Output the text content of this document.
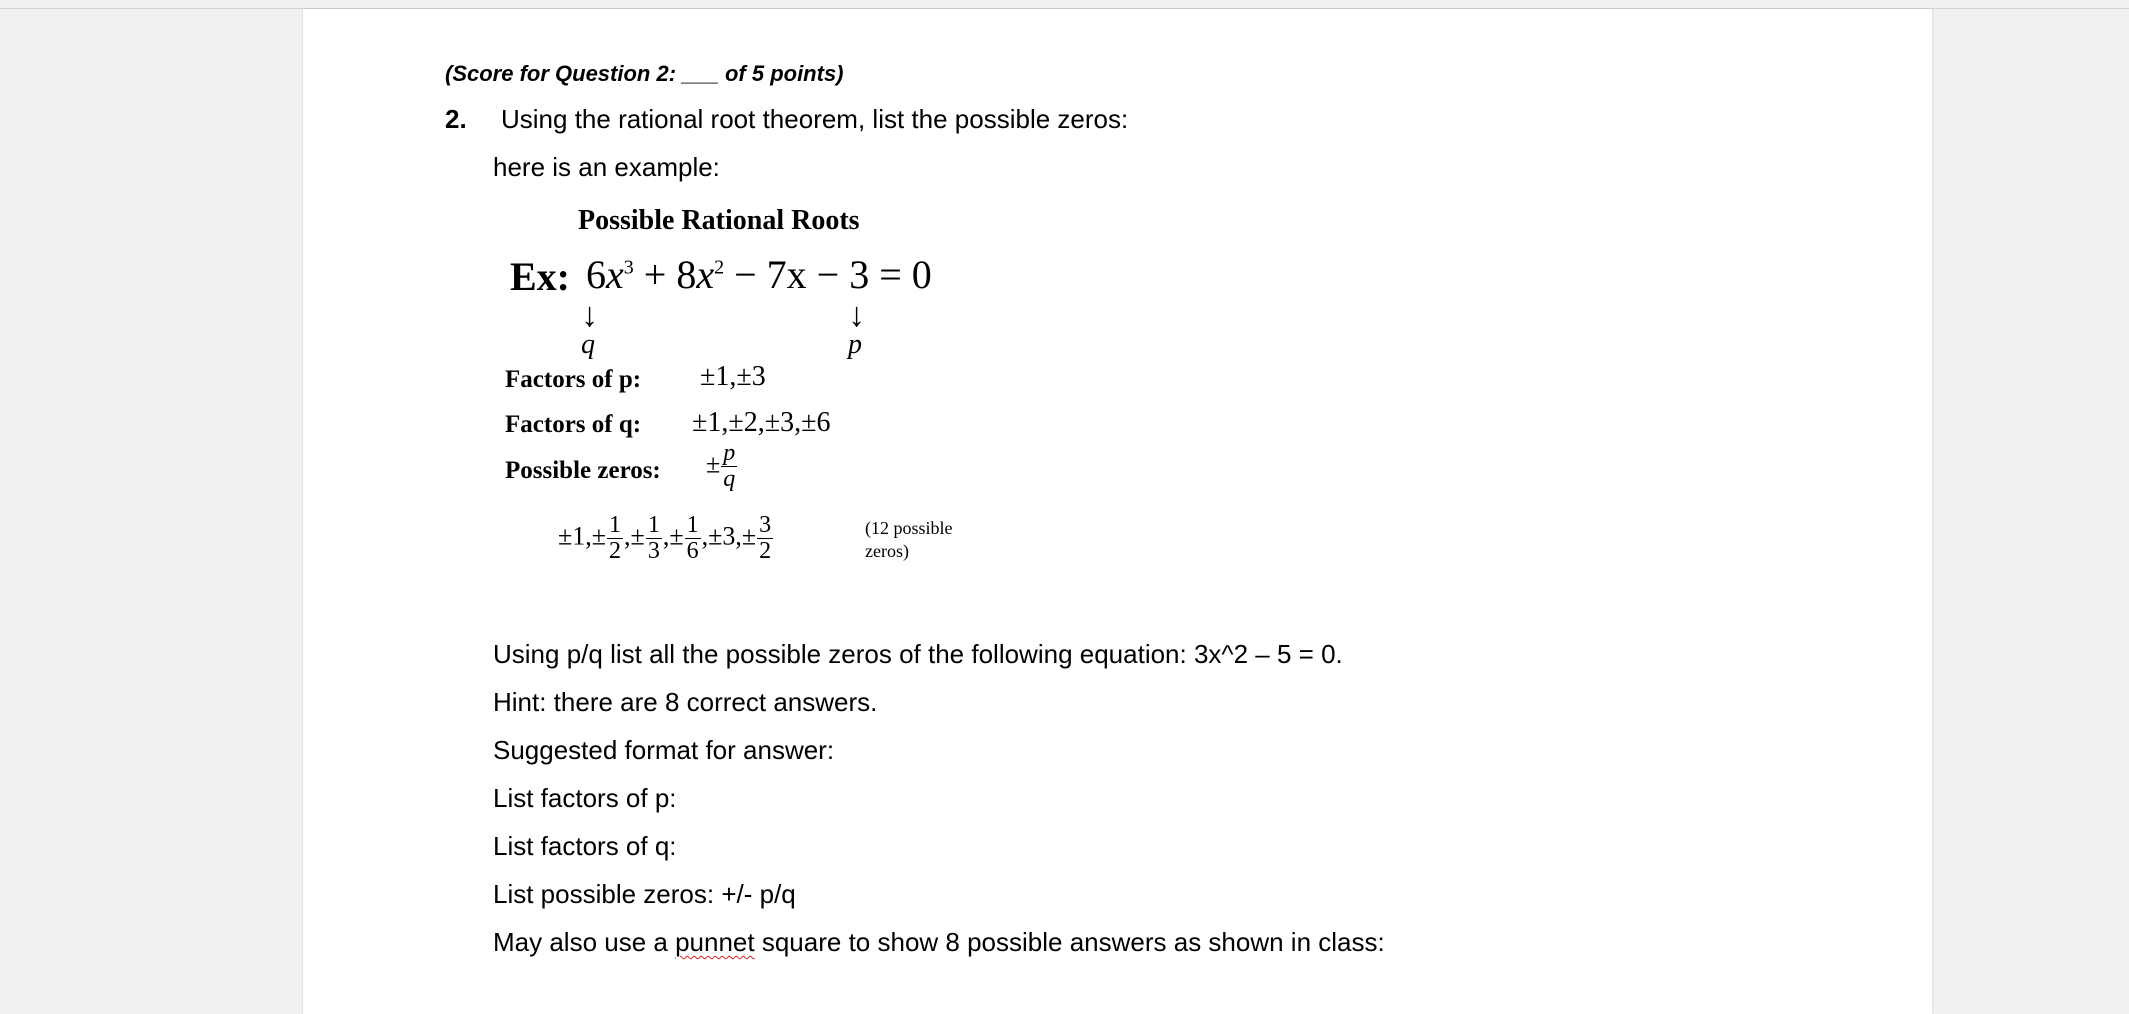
(Score for Question 2: ___ of 5 points)
2. Using the rational root theorem, list the possible zeros:
here is an example:
Possible Rational Roots
Ex: $6x^3 + 8x^2 - 7x - 3 = 0$
↓	↓
q	p
Factors of p: ±1,±3
Factors of q: ±1,±2,±3,±6
Possible zeros: ± $\frac{p}{q}$
$\pm 1,\pm \frac{1}{2}$ ,± $\frac{1}{3}$ ,± $\frac{1}{6} ,\pm 3,\pm \frac{3}{2}$	(12 possible zeros)
Using p/q list all the possible zeros of the following equation: 3x^2 – 5 = 0.
Hint: there are 8 correct answers.
Suggested format for answer:
List factors of p:
List factors of q:
List possible zeros: +/- p/q
May also use a punnet square to show 8 possible answers as shown in class:
